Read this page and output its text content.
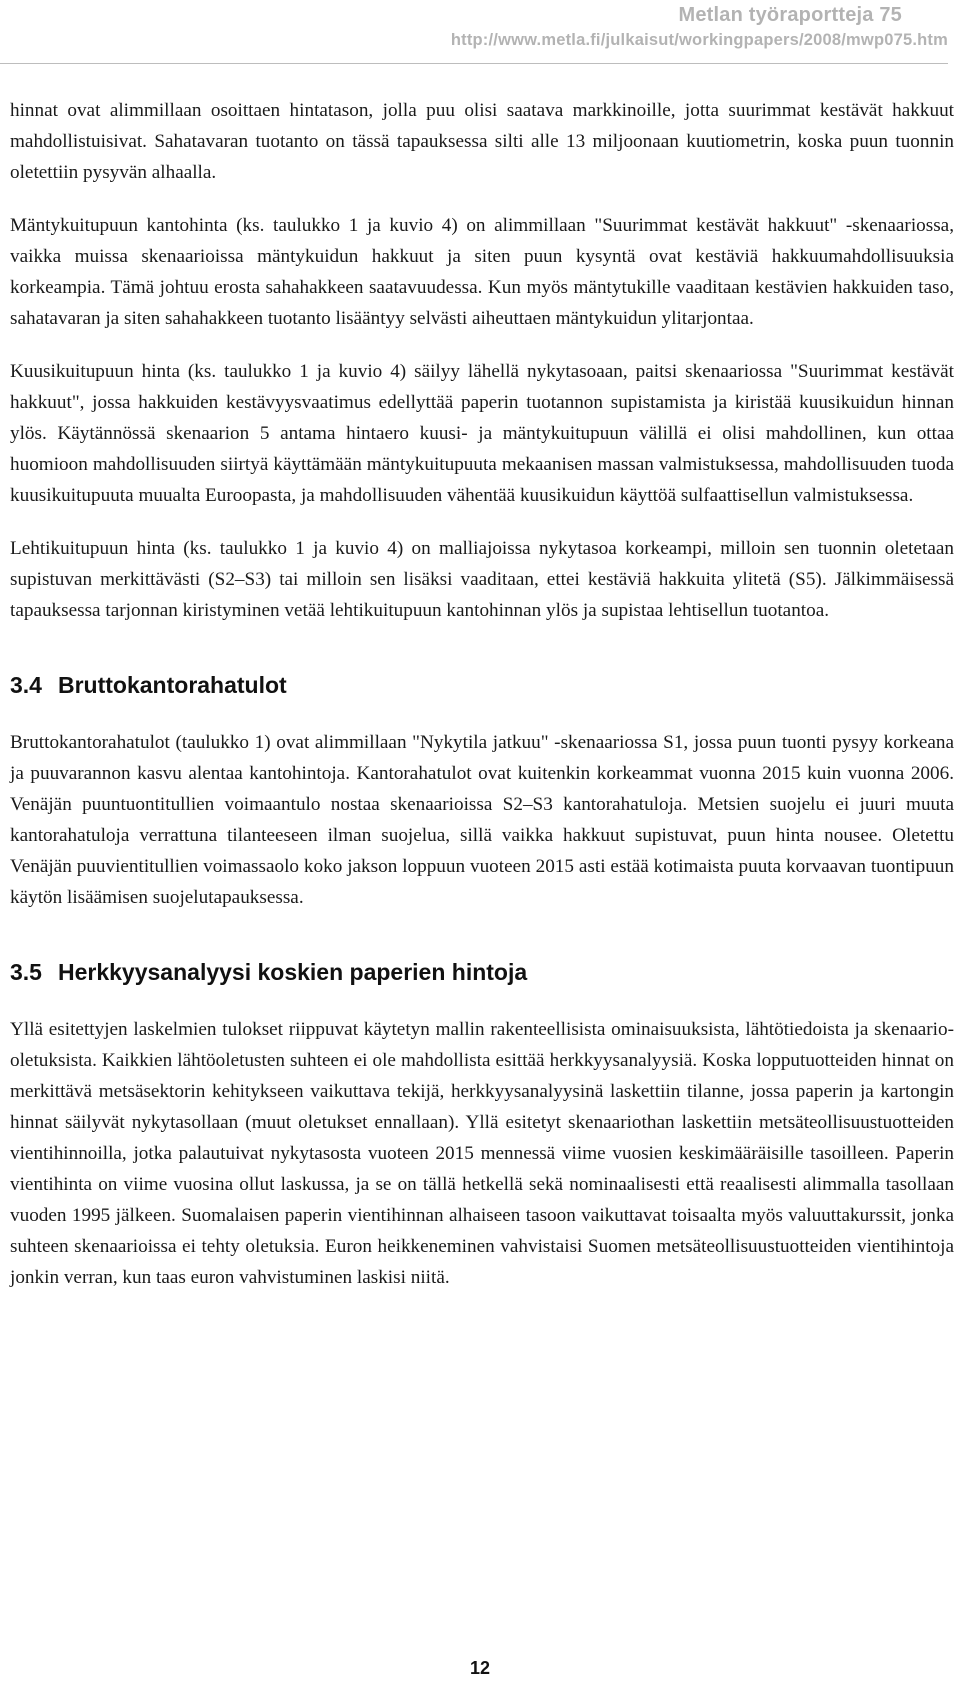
Metlan työraportteja 75
http://www.metla.fi/julkaisut/workingpapers/2008/mwp075.htm

hinnat ovat alimmillaan osoittaen hintatason, jolla puu olisi saatava markkinoille, jotta suurimmat kestävät hakkuut mahdollistuisivat. Sahatavaran tuotanto on tässä tapauksessa silti alle 13 miljoonaan kuutiometrin, koska puun tuonnin oletettiin pysyvän alhaalla.

Mäntykuitupuun kantohinta (ks. taulukko 1 ja kuvio 4) on alimmillaan "Suurimmat kestävät hakkuut" -skenaariossa, vaikka muissa skenaarioissa mäntykuidun hakkuut ja siten puun kysyntä ovat kestäviä hakkuumahdollisuuksia korkeampia. Tämä johtuu erosta sahahakkeen saatavuudessa. Kun myös mäntytukille vaaditaan kestävien hakkuiden taso, sahatavaran ja siten sahahakkeen tuotanto lisääntyy selvästi aiheuttaen mäntykuidun ylitarjontaa.

Kuusikuitupuun hinta (ks. taulukko 1 ja kuvio 4) säilyy lähellä nykytasoaan, paitsi skenaariossa "Suurimmat kestävät hakkuut", jossa hakkuiden kestävyysvaatimus edellyttää paperin tuotannon supistamista ja kiristää kuusikuidun hinnan ylös. Käytännössä skenaarion 5 antama hintaero kuusi- ja mäntykuitupuun välillä ei olisi mahdollinen, kun ottaa huomioon mahdollisuuden siirtyä käyttämään mäntykuitupuuta mekaanisen massan valmistuksessa, mahdollisuuden tuoda kuusikuitupuuta muualta Euroopasta, ja mahdollisuuden vähentää kuusikuidun käyttöä sulfaattisellun valmistuksessa.

Lehtikuitupuun hinta (ks. taulukko 1 ja kuvio 4) on malliajoissa nykytasoa korkeampi, milloin sen tuonnin oletetaan supistuvan merkittävästi (S2–S3) tai milloin sen lisäksi vaaditaan, ettei kestäviä hakkuita ylitetä (S5). Jälkimmäisessä tapauksessa tarjonnan kiristyminen vetää lehtikuitupuun kantohinnan ylös ja supistaa lehtisellun tuotantoa.

3.4 Bruttokantorahatulot

Bruttokantorahatulot (taulukko 1) ovat alimmillaan "Nykytila jatkuu" -skenaariossa S1, jossa puun tuonti pysyy korkeana ja puuvarannon kasvu alentaa kantohintoja. Kantorahatulot ovat kuitenkin korkeammat vuonna 2015 kuin vuonna 2006. Venäjän puuntuontitullien voimaantulo nostaa skenaarioissa S2–S3 kantorahatuloja. Metsien suojelu ei juuri muuta kantorahatuloja verrattuna tilanteeseen ilman suojelua, sillä vaikka hakkuut supistuvat, puun hinta nousee. Oletettu Venäjän puuvientitullien voimassaolo koko jakson loppuun vuoteen 2015 asti estää kotimaista puuta korvaavan tuontipuun käytön lisäämisen suojelutapauksessa.

3.5 Herkkyysanalyysi koskien paperien hintoja

Yllä esitettyjen laskelmien tulokset riippuvat käytetyn mallin rakenteellisista ominaisuuksista, lähtötiedoista ja skenaario-oletuksista. Kaikkien lähtöoletusten suhteen ei ole mahdollista esittää herkkyysanalyysiä. Koska lopputuotteiden hinnat on merkittävä metsäsektorin kehitykseen vaikuttava tekijä, herkkyysanalyysinä laskettiin tilanne, jossa paperin ja kartongin hinnat säilyvät nykytasollaan (muut oletukset ennallaan). Yllä esitetyt skenaariothan laskettiin metsäteollisuustuotteiden vientihinnoilla, jotka palautuivat nykytasosta vuoteen 2015 mennessä viime vuosien keskimääräisille tasoilleen. Paperin vientihinta on viime vuosina ollut laskussa, ja se on tällä hetkellä sekä nominaalisesti että reaalisesti alimmalla tasollaan vuoden 1995 jälkeen. Suomalaisen paperin vientihinnan alhaiseen tasoon vaikuttavat toisaalta myös valuuttakurssit, jonka suhteen skenaarioissa ei tehty oletuksia. Euron heikkeneminen vahvistaisi Suomen metsäteollisuustuotteiden vientihintoja jonkin verran, kun taas euron vahvistuminen laskisi niitä.

12
